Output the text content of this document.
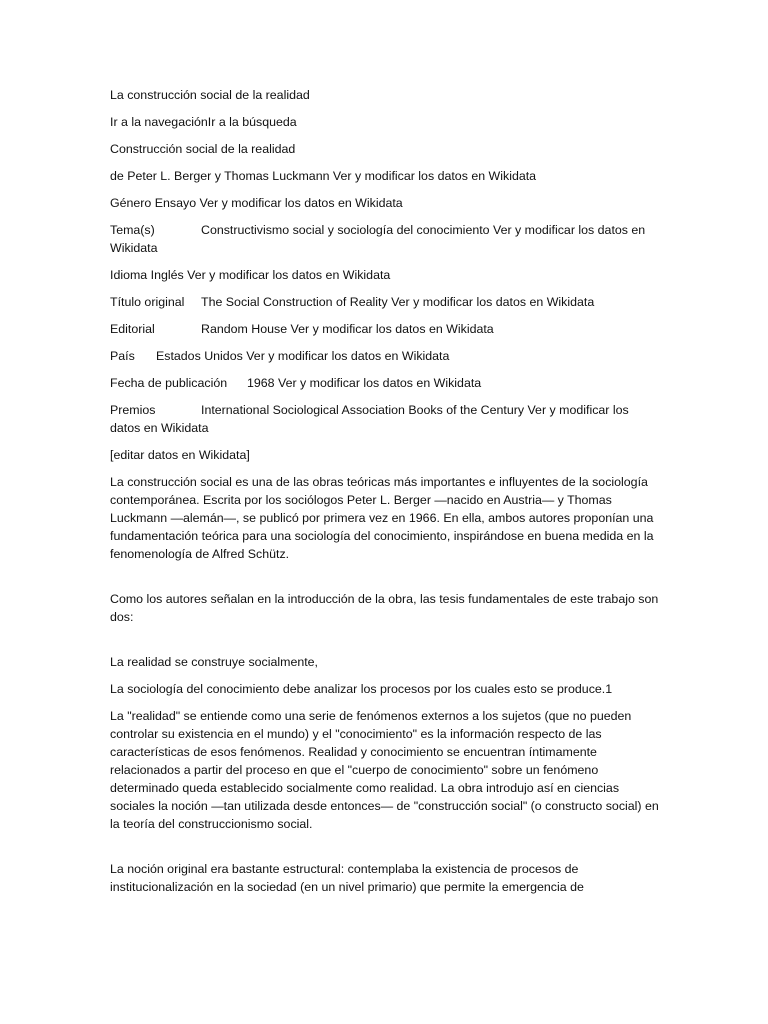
La construcción social de la realidad

Ir a la navegaciónIr a la búsqueda

Construcción social de la realidad

de Peter L. Berger y Thomas Luckmann Ver y modificar los datos en Wikidata

Género Ensayo Ver y modificar los datos en Wikidata

Tema(s)	Constructivismo social y sociología del conocimiento Ver y modificar los datos en Wikidata

Idioma Inglés Ver y modificar los datos en Wikidata

Título original The Social Construction of Reality Ver y modificar los datos en Wikidata

Editorial	Random House Ver y modificar los datos en Wikidata

País Estados Unidos Ver y modificar los datos en Wikidata

Fecha de publicación 1968 Ver y modificar los datos en Wikidata

Premios	International Sociological Association Books of the Century Ver y modificar los datos en Wikidata

[editar datos en Wikidata]

La construcción social es una de las obras teóricas más importantes e influyentes de la sociología contemporánea. Escrita por los sociólogos Peter L. Berger —nacido en Austria— y Thomas Luckmann —alemán—, se publicó por primera vez en 1966. En ella, ambos autores proponían una fundamentación teórica para una sociología del conocimiento, inspirándose en buena medida en la fenomenología de Alfred Schütz.

Como los autores señalan en la introducción de la obra, las tesis fundamentales de este trabajo son dos:

La realidad se construye socialmente,

La sociología del conocimiento debe analizar los procesos por los cuales esto se produce.1

La "realidad" se entiende como una serie de fenómenos externos a los sujetos (que no pueden controlar su existencia en el mundo) y el "conocimiento" es la información respecto de las características de esos fenómenos. Realidad y conocimiento se encuentran íntimamente relacionados a partir del proceso en que el "cuerpo de conocimiento" sobre un fenómeno determinado queda establecido socialmente como realidad. La obra introdujo así en ciencias sociales la noción —tan utilizada desde entonces— de "construcción social" (o constructo social) en la teoría del construccionismo social.

La noción original era bastante estructural: contemplaba la existencia de procesos de institucionalización en la sociedad (en un nivel primario) que permite la emergencia de
